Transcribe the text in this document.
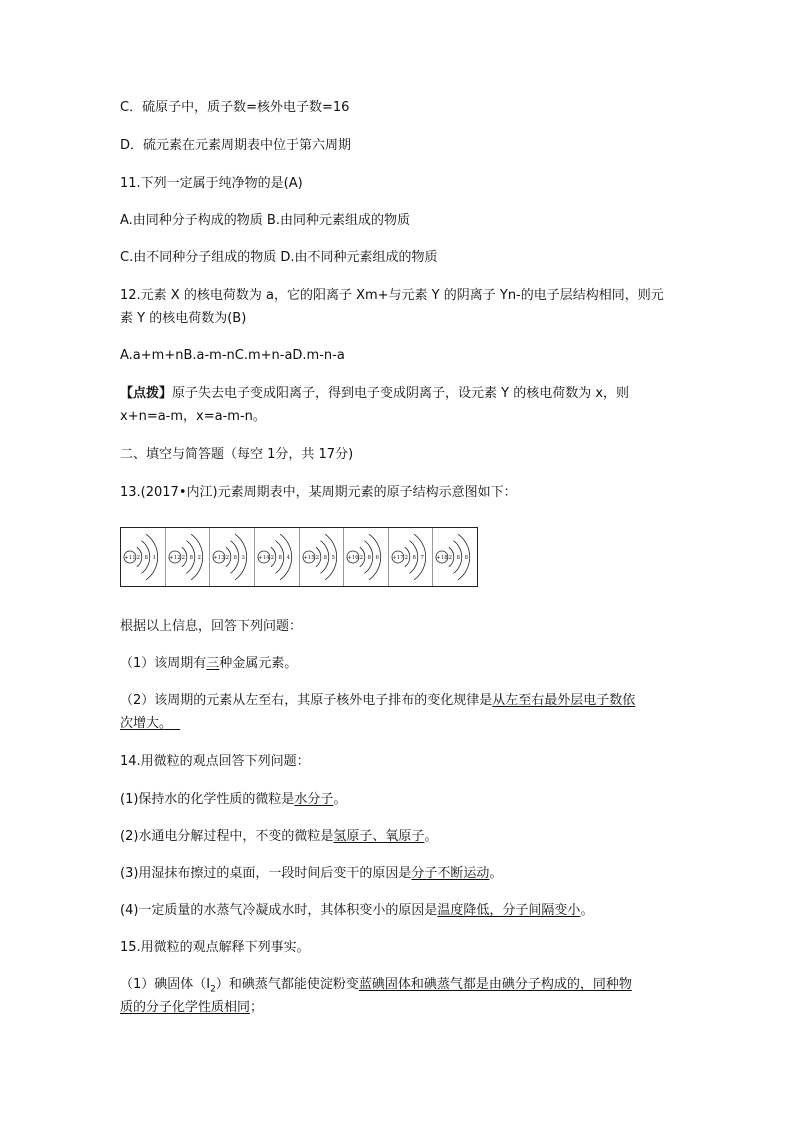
C．硫原子中，质子数=核外电子数=16
D．硫元素在元素周期表中位于第六周期
11.下列一定属于纯净物的是(A)
A.由同种分子构成的物质 B.由同种元素组成的物质
C.由不同种分子组成的物质 D.由不同种元素组成的物质
12.元素 X 的核电荷数为 a，它的阳离子 Xm+与元素 Y 的阴离子 Yn-的电子层结构相同，则元
素 Y 的核电荷数为(B)
A.a+m+nB.a-m-nC.m+n-aD.m-n-a
【点拨】原子失去电子变成阳离子，得到电子变成阴离子，设元素 Y 的核电荷数为 x，则
x+n=a-m，x=a-m-n。
二、填空与简答题（每空 1分，共 17分)
13.(2017•内江)元素周期表中，某周期元素的原子结构示意图如下：
+11 2 8 1 +12 2 8 2 +13 2 8 3 +14 2 8 4 +15 2 8 5 +16 2 8 6 +17 2 8 7 +18 2 8 8
根据以上信息，回答下列问题：
（1）该周期有三种金属元素。
（2）该周期的元素从左至右，其原子核外电子排布的变化规律是从左至右最外层电子数依
次增大。
14.用微粒的观点回答下列问题：
(1)保持水的化学性质的微粒是水分子。
(2)水通电分解过程中，不变的微粒是氢原子、氧原子。
(3)用湿抹布擦过的桌面，一段时间后变干的原因是分子不断运动。
(4)一定质量的水蒸气冷凝成水时，其体积变小的原因是温度降低，分子间隔变小。
15.用微粒的观点解释下列事实。
（1）碘固体$(I_2)$和碘蒸气都能使淀粉变蓝碘固体和碘蒸气都是由碘分子构成的，同种物
质的分子化学性质相同；
